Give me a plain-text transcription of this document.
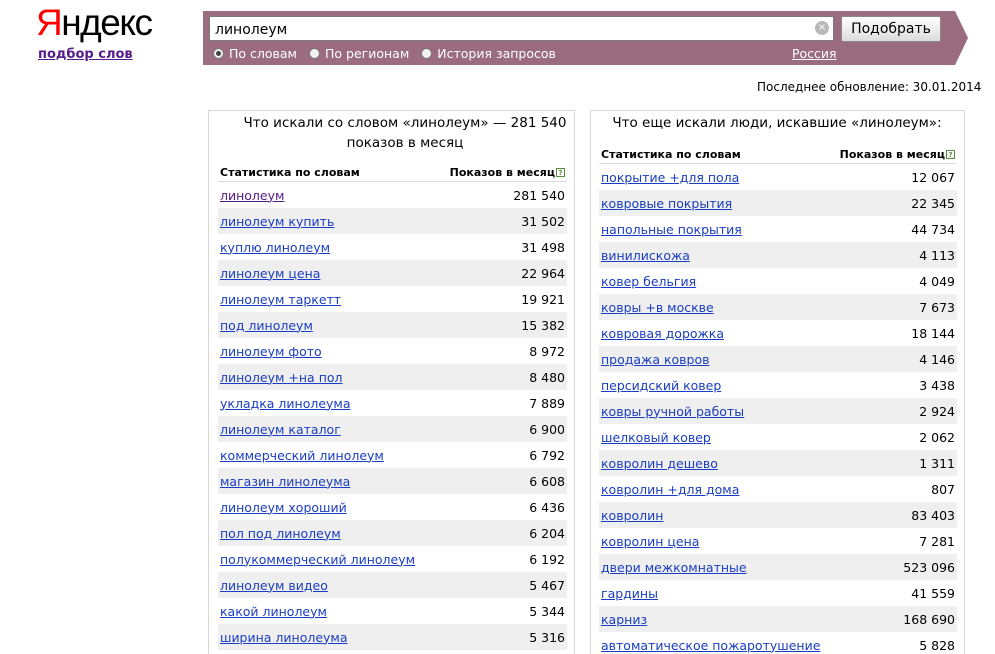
Яндекс
подбор слов
линолеум
×	Подобрать
По словам По регионам История запросов	Россия
Последнее обновление: 30.01.2014
Что искали со словом «линолеум» — 281 540 показов в месяц
Статистика по словам	Показов в месяц ?
линолеум	281 540
линолеум купить	31 502
куплю линолеум	31 498
линолеум цена	22 964
линолеум таркетт	19 921
под линолеум	15 382
линолеум фото	8 972
линолеум +на пол	8 480
укладка линолеума	7 889
линолеум каталог	6 900
коммерческий линолеум	6 792
магазин линолеума	6 608
линолеум хороший	6 436
пол под линолеум	6 204
полукоммерческий линолеум	6 192
линолеум видео	5 467
какой линолеум	5 344
ширина линолеума	5 316
Что еще искали люди, искавшие «линолеум»:
Статистика по словам	Показов в месяц ?
покрытие +для пола	12 067
ковровые покрытия	22 345
напольные покрытия	44 734
винилискожа	4 113
ковер бельгия	4 049
ковры +в москве	7 673
ковровая дорожка	18 144
продажа ковров	4 146
персидский ковер	3 438
ковры ручной работы	2 924
шелковый ковер	2 062
ковролин дешево	1 311
ковролин +для дома	807
ковролин	83 403
ковролин цена	7 281
двери межкомнатные	523 096
гардины	41 559
карниз	168 690
автоматическое пожаротушение	5 828
